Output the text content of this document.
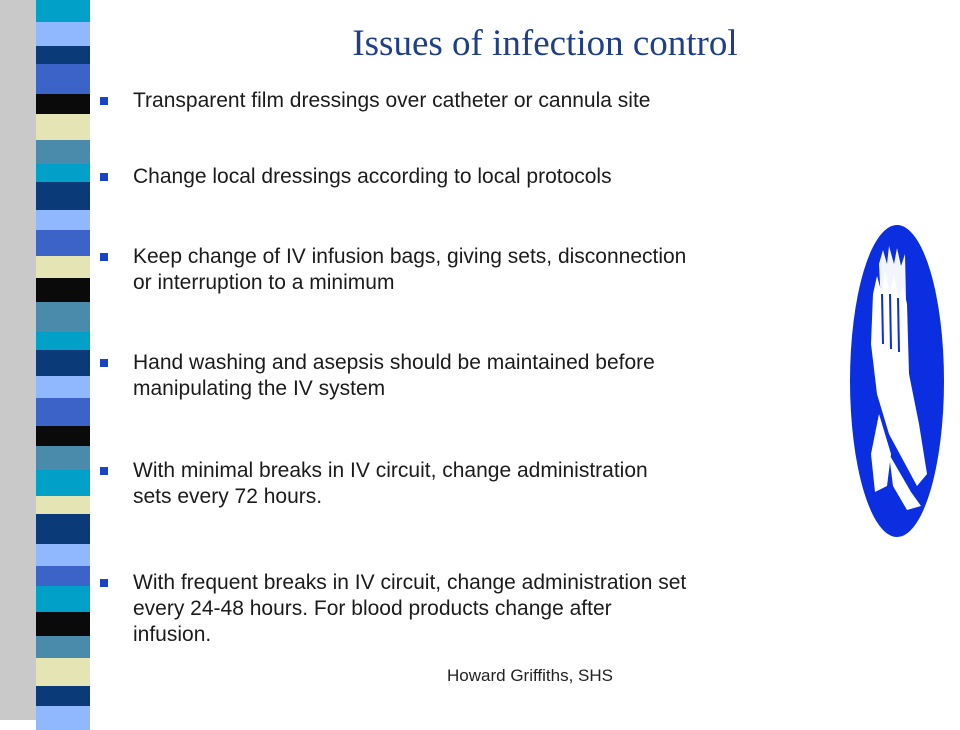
Issues of infection control
Transparent film dressings over catheter or cannula site
Change local dressings according to local protocols
Keep change of IV infusion bags, giving sets, disconnection
or interruption to a minimum
Hand washing and asepsis should be maintained before
manipulating the IV system
With minimal breaks in IV circuit, change administration
sets every 72 hours.
With frequent breaks in IV circuit, change administration set
every 24-48 hours. For blood products change after
infusion.
Howard Griffiths, SHS
